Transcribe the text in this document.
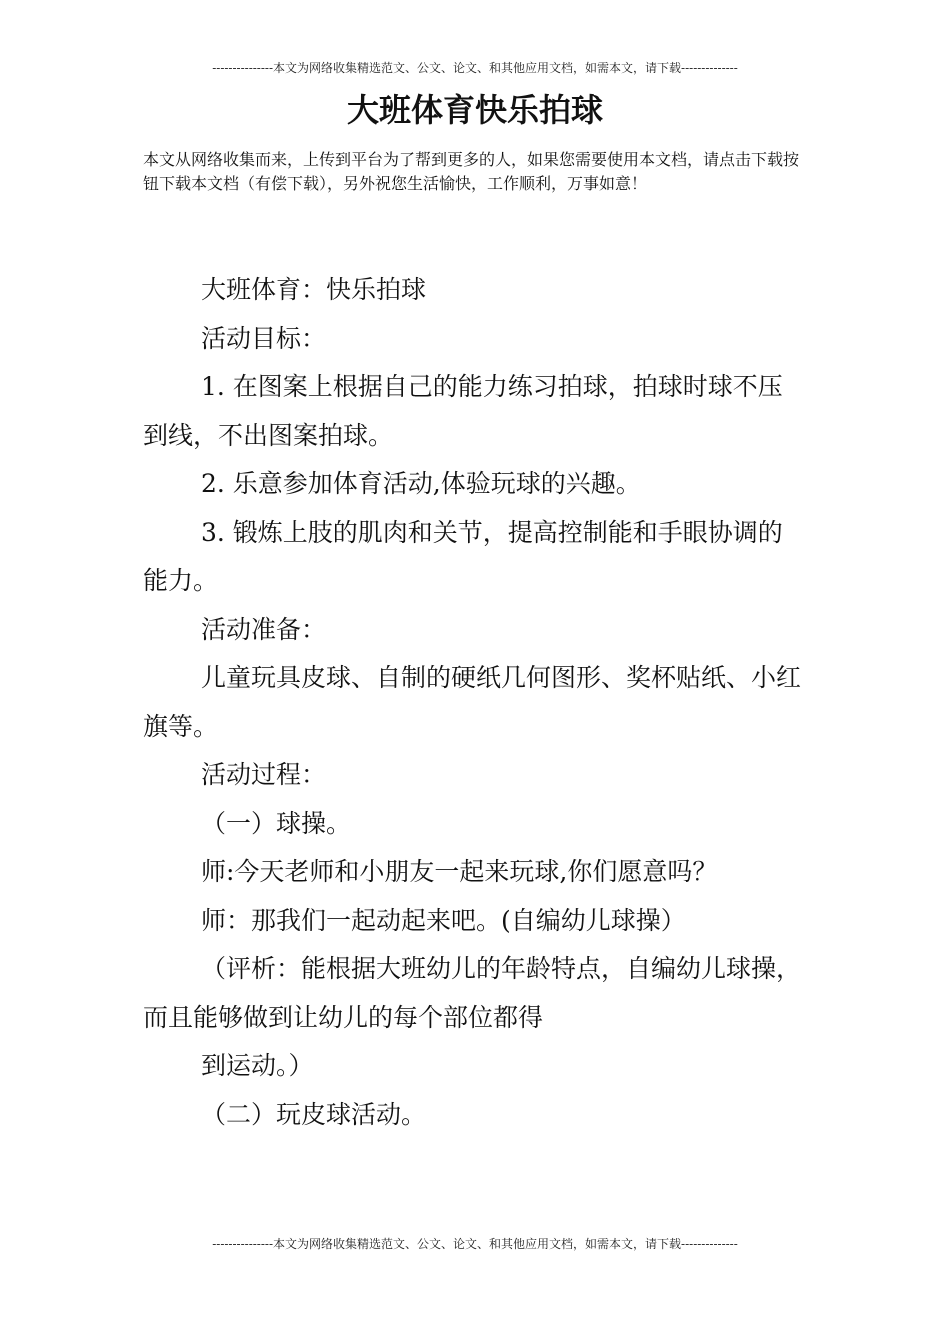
---------------本文为网络收集精选范文、公文、论文、和其他应用文档，如需本文，请下载--------------
大班体育快乐拍球
本文从网络收集而来，上传到平台为了帮到更多的人，如果您需要使用本文档，请点击下载按钮下载本文档（有偿下载），另外祝您生活愉快，工作顺利，万事如意！

大班体育：快乐拍球

活动目标：

1. 在图案上根据自己的能力练习拍球，拍球时球不压到线，不出图案拍球。

2. 乐意参加体育活动,体验玩球的兴趣。

3. 锻炼上肢的肌肉和关节，提高控制能和手眼协调的能力。

活动准备：

儿童玩具皮球、自制的硬纸几何图形、奖杯贴纸、小红旗等。

活动过程：

（一）球操。

师:今天老师和小朋友一起来玩球,你们愿意吗？

师：那我们一起动起来吧。(自编幼儿球操）

（评析：能根据大班幼儿的年龄特点，自编幼儿球操，而且能够做到让幼儿的每个部位都得

到运动。）

（二）玩皮球活动。

---------------本文为网络收集精选范文、公文、论文、和其他应用文档，如需本文，请下载--------------
